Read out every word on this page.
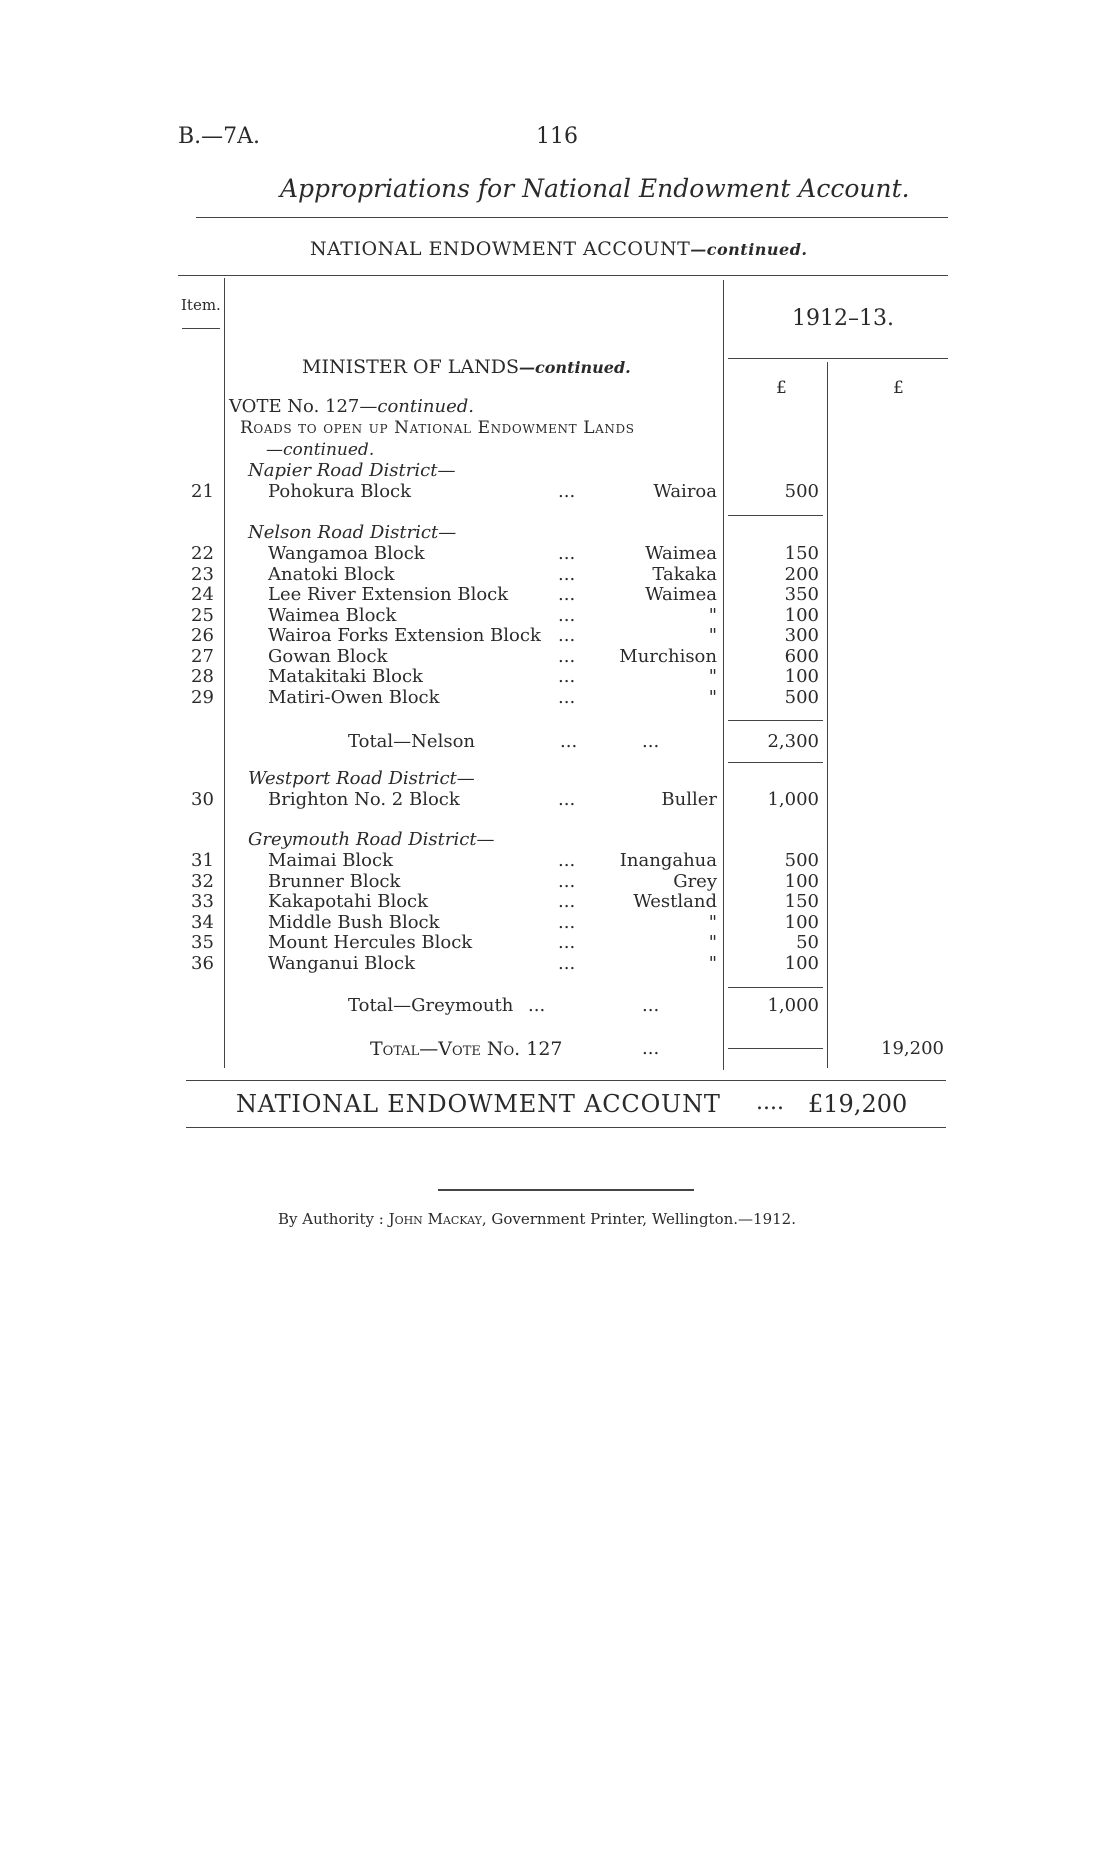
B.—7A.	116
Appropriations for National Endowment Account.
NATIONAL ENDOWMENT ACCOUNT—continued.
Item.
1912–13.
£	£
MINISTER OF LANDS—continued.
VOTE No. 127—continued.
Roads to open up National Endowment Lands
—continued.
Napier Road District—
21	Pohokura Block	...	Wairoa	500
Nelson Road District—
22	Wangamoa Block	...	Waimea	150
23	Anatoki Block	...	Takaka	200
24	Lee River Extension Block	...	Waimea	350
25	Waimea Block	...	"	100
26	Wairoa Forks Extension Block ...	"	300
27	Gowan Block	... Murchison	600
28	Matakitaki Block	...	"	100
29	Matiri-Owen Block	...	"	500
Total—Nelson	...	...	2,300
Westport Road District—
30	Brighton No. 2 Block	...	Buller	1,000
Greymouth Road District—
31	Maimai Block	... Inangahua	500
32	Brunner Block	...	Grey	100
33	Kakapotahi Block	...	Westland	150
34	Middle Bush Block	...	"	100
35	Mount Hercules Block	...	"	50
36	Wanganui Block	...	"	100
Total—Greymouth ...	...	1,000
Total—Vote No. 127	...	19,200
NATIONAL ENDOWMENT ACCOUNT .... £19,200
By Authority : John Mackay, Government Printer, Wellington.—1912.
